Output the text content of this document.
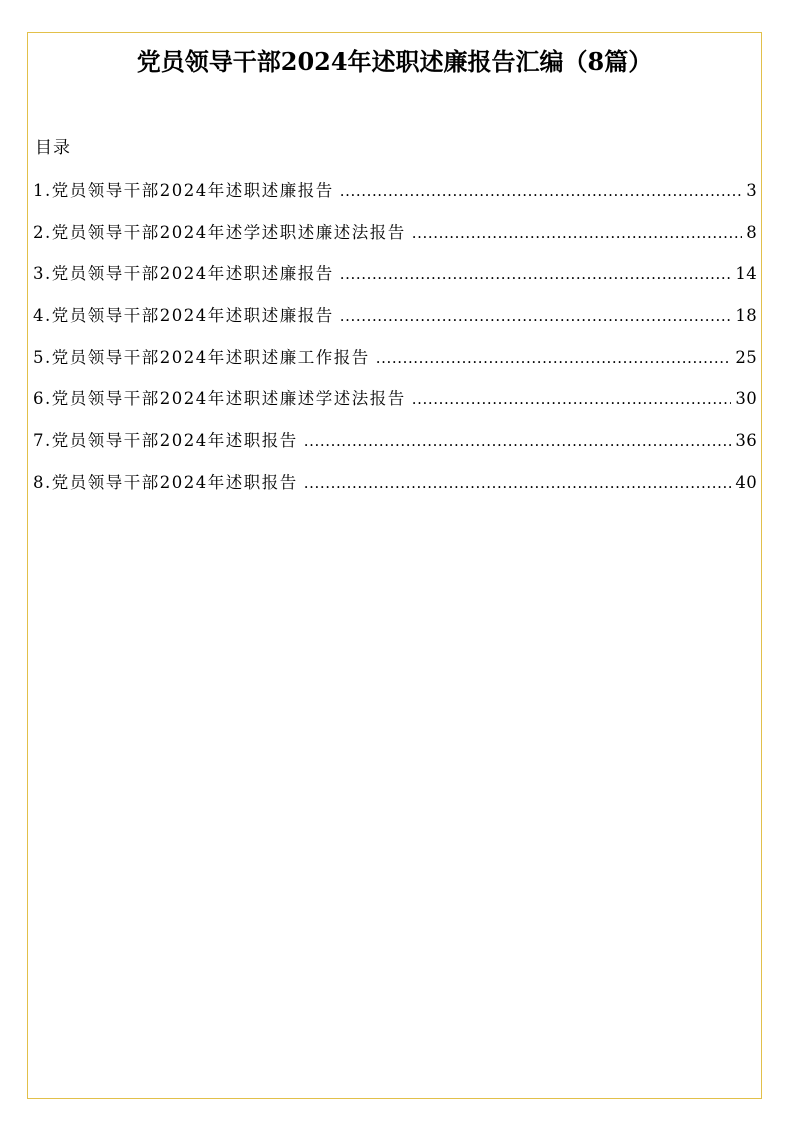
党员领导干部2024年述职述廉报告汇编（8篇）
目录
1.党员领导干部2024年述职述廉报告 .....	3
2.党员领导干部2024年述学述职述廉述法报告 .....	8
3.党员领导干部2024年述职述廉报告 .....	14
4.党员领导干部2024年述职述廉报告 .....	18
5.党员领导干部2024年述职述廉工作报告 .....	25
6.党员领导干部2024年述职述廉述学述法报告 .....	30
7.党员领导干部2024年述职报告 .....	36
8.党员领导干部2024年述职报告 .....	40
